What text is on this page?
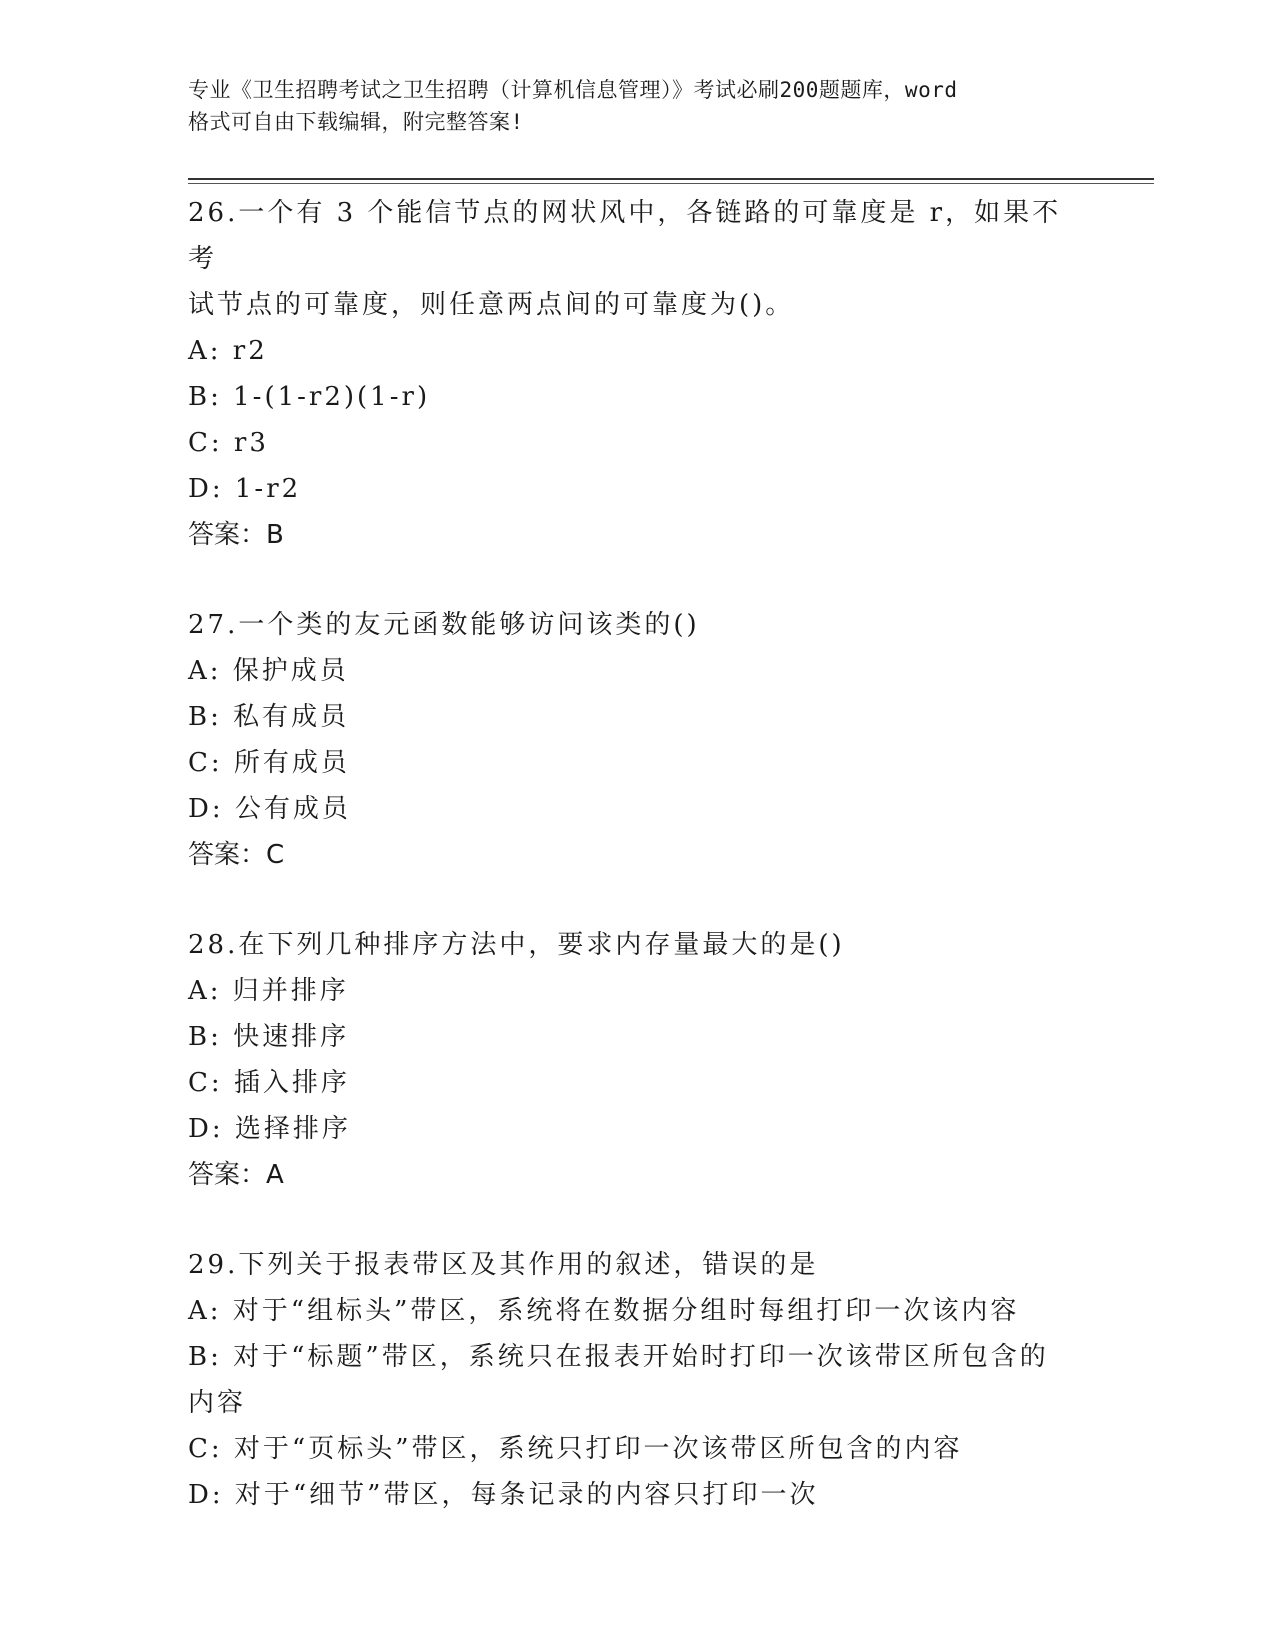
专业《卫生招聘考试之卫生招聘（计算机信息管理）》考试必刷200题题库，word
格式可自由下载编辑，附完整答案!

26.一个有 3 个能信节点的网状风中，各链路的可靠度是 r，如果不考

试节点的可靠度，则任意两点间的可靠度为()。

A: r2

B: 1-(1-r2)(1-r)

C: r3

D: 1-r2

答案：B

27.一个类的友元函数能够访问该类的()

A: 保护成员

B: 私有成员

C: 所有成员

D: 公有成员

答案：C

28.在下列几种排序方法中，要求内存量最大的是()

A: 归并排序

B: 快速排序

C: 插入排序

D: 选择排序

答案：A

29.下列关于报表带区及其作用的叙述，错误的是

A: 对于“组标头”带区，系统将在数据分组时每组打印一次该内容

B: 对于“标题”带区，系统只在报表开始时打印一次该带区所包含的

内容

C: 对于“页标头”带区，系统只打印一次该带区所包含的内容

D: 对于“细节”带区，每条记录的内容只打印一次
